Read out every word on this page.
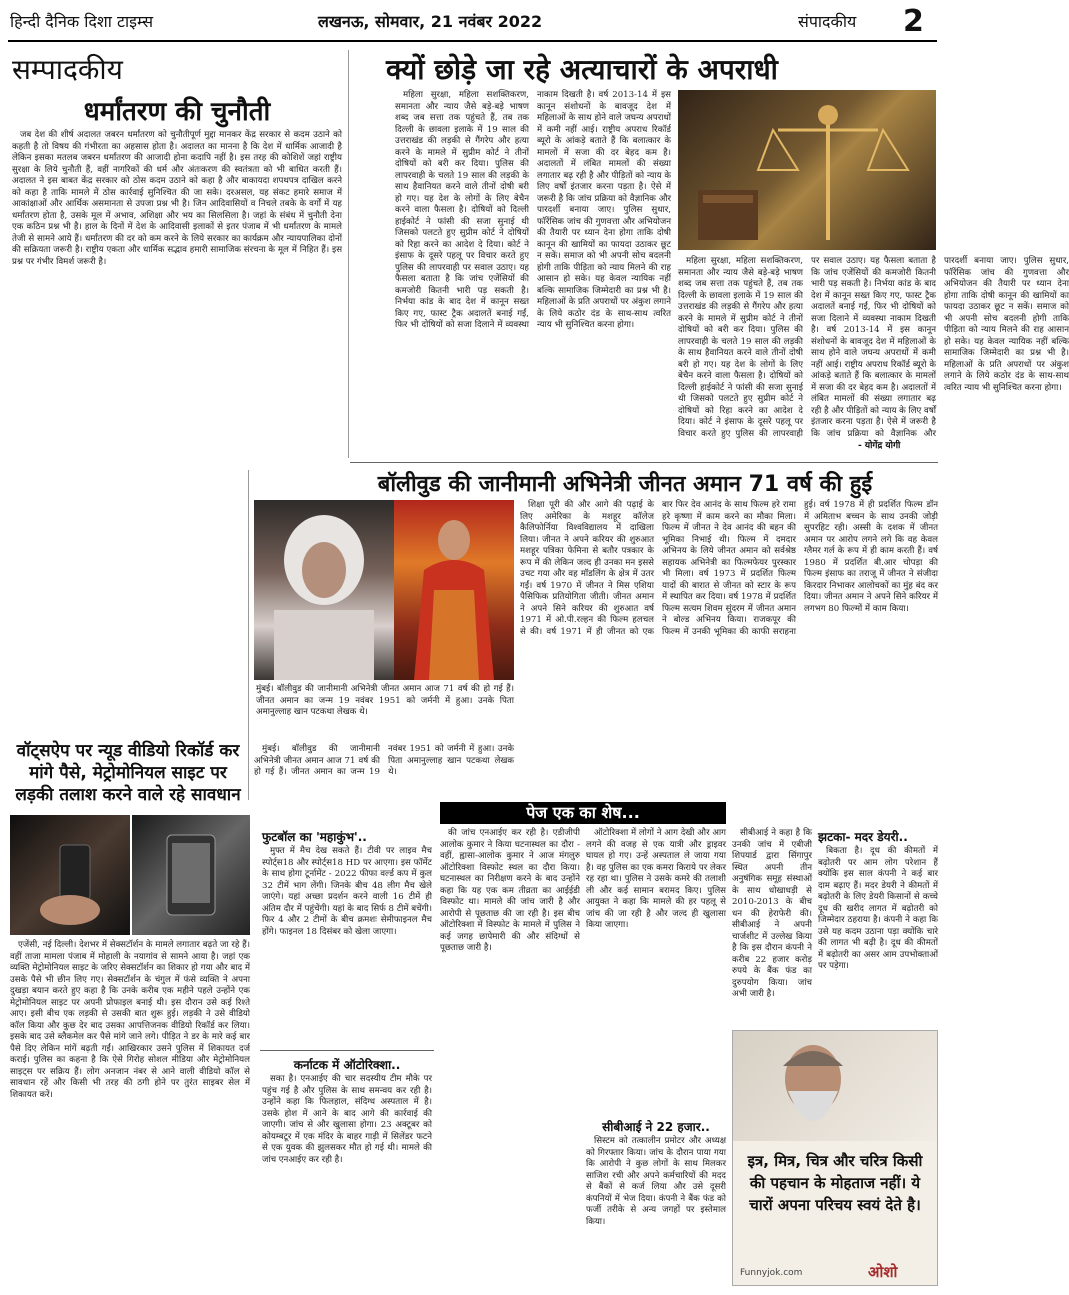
हिन्दी दैनिक दिशा टाइम्स	लखनऊ, सोमवार, 21 नवंबर 2022	संपादकीय 2
सम्पादकीय
धर्मांतरण की चुनौती

जब देश की शीर्ष अदालत जबरन धर्मांतरण को चुनौतीपूर्ण मुद्दा मानकर केंद्र सरकार से कदम उठाने को कहती है तो विषय की गंभीरता का अहसास होता है। अदालत का मानना है कि देश में धार्मिक आजादी है लेकिन इसका मतलब जबरन धर्मांतरण की आजादी होना कदापि नहीं है। इस तरह की कोशिशें जहां राष्ट्रीय सुरक्षा के लिये चुनौती हैं, वहीं नागरिकों की धर्म और अंतःकरण की स्वतंत्रता को भी बाधित करती हैं। अदालत ने इस बाबत केंद्र सरकार को ठोस कदम उठाने को कहा है और बाकायदा शपथपत्र दाखिल करने को कहा है ताकि मामले में ठोस कार्रवाई सुनिश्चित की जा सके। दरअसल, यह संकट हमारे समाज में आकांक्षाओं और आर्थिक असमानता से उपजा प्रश्न भी है। जिन आदिवासियों व निचले तबके के वर्गों में यह धर्मांतरण होता है, उसके मूल में अभाव, अशिक्षा और भय का सिलसिला है। जहां के संबंध में चुनौती देना एक कठिन प्रश्न भी है। हाल के दिनों में देश के आदिवासी इलाकों से इतर पंजाब में भी धर्मांतरण के मामले तेजी से सामने आये हैं। धर्मांतरण की दर को कम करने के लिये सरकार का कार्यक्रम और न्यायपालिका दोनों की सक्रियता जरूरी है। राष्ट्रीय एकता और धार्मिक सद्भाव हमारी सामाजिक संरचना के मूल में निहित हैं। इस प्रश्न पर गंभीर विमर्श जरूरी है।

क्यों छोड़े जा रहे अत्याचारों के अपराधी

महिला सुरक्षा, महिला सशक्तिकरण, समानता और न्याय जैसे बड़े-बड़े भाषण शब्द जब सत्ता तक पहुंचते हैं, तब तक दिल्ली के छावला इलाके में 19 साल की उत्तराखंड की लड़की से गैंगरेप और हत्या करने के मामले में सुप्रीम कोर्ट ने तीनों दोषियों को बरी कर दिया। पुलिस की लापरवाही के चलते 19 साल की लड़की के साथ हैवानियत करने वाले तीनों दोषी बरी हो गए। यह देश के लोगों के लिए बेचैन करने वाला फैसला है। दोषियों को दिल्ली हाईकोर्ट ने फांसी की सजा सुनाई थी जिसको पलटते हुए सुप्रीम कोर्ट ने दोषियों को रिहा करने का आदेश दे दिया। कोर्ट ने इंसाफ के दूसरे पहलू पर विचार करते हुए पुलिस की लापरवाही पर सवाल उठाए। यह फैसला बताता है कि जांच एजेंसियों की कमजोरी कितनी भारी पड़ सकती है। निर्भया कांड के बाद देश में कानून सख्त किए गए, फास्ट ट्रैक अदालतें बनाई गईं, फिर भी दोषियों को सजा दिलाने में व्यवस्था नाकाम दिखती है। वर्ष 2013-14 में इस कानून संशोधनों के बावजूद देश में महिलाओं के साथ होने वाले जघन्य अपराधों में कमी नहीं आई। राष्ट्रीय अपराध रिकॉर्ड ब्यूरो के आंकड़े बताते हैं कि बलात्कार के मामलों में सजा की दर बेहद कम है। अदालतों में लंबित मामलों की संख्या लगातार बढ़ रही है और पीड़ितों को न्याय के लिए वर्षों इंतजार करना पड़ता है। ऐसे में जरूरी है कि जांच प्रक्रिया को वैज्ञानिक और पारदर्शी बनाया जाए। पुलिस सुधार, फॉरेंसिक जांच की गुणवत्ता और अभियोजन की तैयारी पर ध्यान देना होगा ताकि दोषी कानून की खामियों का फायदा उठाकर छूट न सकें। समाज को भी अपनी सोच बदलनी होगी ताकि पीड़िता को न्याय मिलने की राह आसान हो सके। यह केवल न्यायिक नहीं बल्कि सामाजिक जिम्मेदारी का प्रश्न भी है। महिलाओं के प्रति अपराधों पर अंकुश लगाने के लिये कठोर दंड के साथ-साथ त्वरित न्याय भी सुनिश्चित करना होगा।

महिला सुरक्षा, महिला सशक्तिकरण, समानता और न्याय जैसे बड़े-बड़े भाषण शब्द जब सत्ता तक पहुंचते हैं, तब तक दिल्ली के छावला इलाके में 19 साल की उत्तराखंड की लड़की से गैंगरेप और हत्या करने के मामले में सुप्रीम कोर्ट ने तीनों दोषियों को बरी कर दिया। पुलिस की लापरवाही के चलते 19 साल की लड़की के साथ हैवानियत करने वाले तीनों दोषी बरी हो गए। यह देश के लोगों के लिए बेचैन करने वाला फैसला है। दोषियों को दिल्ली हाईकोर्ट ने फांसी की सजा सुनाई थी जिसको पलटते हुए सुप्रीम कोर्ट ने दोषियों को रिहा करने का आदेश दे दिया। कोर्ट ने इंसाफ के दूसरे पहलू पर विचार करते हुए पुलिस की लापरवाही पर सवाल उठाए। यह फैसला बताता है कि जांच एजेंसियों की कमजोरी कितनी भारी पड़ सकती है। निर्भया कांड के बाद देश में कानून सख्त किए गए, फास्ट ट्रैक अदालतें बनाई गईं, फिर भी दोषियों को सजा दिलाने में व्यवस्था नाकाम दिखती है। वर्ष 2013-14 में इस कानून संशोधनों के बावजूद देश में महिलाओं के साथ होने वाले जघन्य अपराधों में कमी नहीं आई। राष्ट्रीय अपराध रिकॉर्ड ब्यूरो के आंकड़े बताते हैं कि बलात्कार के मामलों में सजा की दर बेहद कम है। अदालतों में लंबित मामलों की संख्या लगातार बढ़ रही है और पीड़ितों को न्याय के लिए वर्षों इंतजार करना पड़ता है। ऐसे में जरूरी है कि जांच प्रक्रिया को वैज्ञानिक और पारदर्शी बनाया जाए। पुलिस सुधार, फॉरेंसिक जांच की गुणवत्ता और अभियोजन की तैयारी पर ध्यान देना होगा ताकि दोषी कानून की खामियों का फायदा उठाकर छूट न सकें। समाज को भी अपनी सोच बदलनी होगी ताकि पीड़िता को न्याय मिलने की राह आसान हो सके। यह केवल न्यायिक नहीं बल्कि सामाजिक जिम्मेदारी का प्रश्न भी है। महिलाओं के प्रति अपराधों पर अंकुश लगाने के लिये कठोर दंड के साथ-साथ त्वरित न्याय भी सुनिश्चित करना होगा।

- योगेंद्र योगी
बॉलीवुड की जानीमानी अभिनेत्री जीनत अमान 71 वर्ष की हुई
मुंबई। बॉलीवुड की जानीमानी अभिनेत्री जीनत अमान आज 71 वर्ष की हो गई हैं। जीनत अमान का जन्म 19 नवंबर 1951 को जर्मनी में हुआ। उनके पिता अमानुल्लाह खान पटकथा लेखक थे।

शिक्षा पूरी की और आगे की पढ़ाई के लिए अमेरिका के मशहूर कॉलेज कैलिफोर्निया विश्वविद्यालय में दाखिला लिया। जीनत ने अपने करियर की शुरुआत मशहूर पत्रिका फेमिना से बतौर पत्रकार के रूप में की लेकिन जल्द ही उनका मन इससे उचट गया और वह मॉडलिंग के क्षेत्र में उतर गईं। वर्ष 1970 में जीनत ने मिस एशिया पैसिफिक प्रतियोगिता जीती। जीनत अमान ने अपने सिने करियर की शुरुआत वर्ष 1971 में ओ.पी.रल्हन की फिल्म हलचल से की। वर्ष 1971 में ही जीनत को एक बार फिर देव आनंद के साथ फिल्म हरे रामा हरे कृष्णा में काम करने का मौका मिला। फिल्म में जीनत ने देव आनंद की बहन की भूमिका निभाई थी। फिल्म में दमदार अभिनय के लिये जीनत अमान को सर्वश्रेष्ठ सहायक अभिनेत्री का फिल्मफेयर पुरस्कार भी मिला। वर्ष 1973 में प्रदर्शित फिल्म यादों की बारात से जीनत को स्टार के रूप में स्थापित कर दिया। वर्ष 1978 में प्रदर्शित फिल्म सत्यम शिवम सुंदरम में जीनत अमान ने बोल्ड अभिनय किया। राजकपूर की फिल्म में उनकी भूमिका की काफी सराहना हुई। वर्ष 1978 में ही प्रदर्शित फिल्म डॉन में अमिताभ बच्चन के साथ उनकी जोड़ी सुपरहिट रही। अस्सी के दशक में जीनत अमान पर आरोप लगने लगे कि वह केवल ग्लैमर गर्ल के रूप में ही काम करती हैं। वर्ष 1980 में प्रदर्शित बी.आर चोपड़ा की फिल्म इंसाफ का तराजू में जीनत ने संजीदा किरदार निभाकर आलोचकों का मुंह बंद कर दिया। जीनत अमान ने अपने सिने करियर में लगभग 80 फिल्मों में काम किया।

मुंबई। बॉलीवुड की जानीमानी अभिनेत्री जीनत अमान आज 71 वर्ष की हो गई हैं। जीनत अमान का जन्म 19 नवंबर 1951 को जर्मनी में हुआ। उनके पिता अमानुल्लाह खान पटकथा लेखक थे।

वॉट्सऐप पर न्यूड वीडियो रिकॉर्ड कर मांगे पैसे, मेट्रोमोनियल साइट पर लड़की तलाश करने वाले रहे सावधान

एजेंसी, नई दिल्ली। देशभर में सेक्सटॉर्शन के मामले लगातार बढ़ते जा रहे हैं। वहीं ताजा मामला पंजाब में मोहाली के नयागांव से सामने आया है। जहां एक व्यक्ति मेट्रोमोनियल साइट के जरिए सेक्सटॉर्शन का शिकार हो गया और बाद में उसके पैसे भी छीन लिए गए। सेक्सटॉर्शन के चंगुल में फंसे व्यक्ति ने अपना दुखड़ा बयान करते हुए कहा है कि उनके करीब एक महीने पहले उन्होंने एक मेट्रोमोनियल साइट पर अपनी प्रोफाइल बनाई थी। इस दौरान उसे कई रिश्ते आए। इसी बीच एक लड़की से उसकी बात शुरू हुई। लड़की ने उसे वीडियो कॉल किया और कुछ देर बाद उसका आपत्तिजनक वीडियो रिकॉर्ड कर लिया। इसके बाद उसे ब्लैकमेल कर पैसे मांगे जाने लगे। पीड़ित ने डर के मारे कई बार पैसे दिए लेकिन मांगें बढ़ती गईं। आखिरकार उसने पुलिस में शिकायत दर्ज कराई। पुलिस का कहना है कि ऐसे गिरोह सोशल मीडिया और मेट्रोमोनियल साइट्स पर सक्रिय हैं। लोग अनजान नंबर से आने वाली वीडियो कॉल से सावधान रहें और किसी भी तरह की ठगी होने पर तुरंत साइबर सेल में शिकायत करें।

फुटबॉल का 'महाकुंभ'..

मुफ्त में मैच देख सकते हैं। टीवी पर लाइव मैच स्पोर्ट्स18 और स्पोर्ट्स18 HD पर आएगा। इस फॉर्मेट के साथ होगा टूर्नामेंट - 2022 फीफा वर्ल्ड कप में कुल 32 टीमें भाग लेंगी। जिनके बीच 48 लीग मैच खेले जाएंगे। यहां अच्छा प्रदर्शन करने वाली 16 टीमें ही अंतिम दौर में पहुंचेंगी। यहां के बाद सिर्फ 8 टीमें बचेंगी। फिर 4 और 2 टीमों के बीच क्रमशः सेमीफाइनल मैच होंगे। फाइनल 18 दिसंबर को खेला जाएगा।

कर्नाटक में ऑटोरिक्शा..

सका है। एनआईए की चार सदस्यीय टीम मौके पर पहुंच गई है और पुलिस के साथ समन्वय कर रही है। उन्होंने कहा कि फिलहाल, संदिग्ध अस्पताल में है। उसके होश में आने के बाद आगे की कार्रवाई की जाएगी। जांच से और खुलासा होगा। 23 अक्टूबर को कोयम्बटूर में एक मंदिर के बाहर गाड़ी में सिलेंडर फटने से एक युवक की झुलसकर मौत हो गई थी। मामले की जांच एनआईए कर रही है।

पेज एक का शेष...

की जांच एनआईए कर रही है। एडीजीपी आलोक कुमार ने किया घटनास्थल का दौरा - वहीं, ह्वासा-आलोक कुमार ने आज मंगलुरु ऑटोरिक्शा विस्फोट स्थल का दौरा किया। घटनास्थल का निरीक्षण करने के बाद उन्होंने कहा कि यह एक कम तीव्रता का आईईडी विस्फोट था। मामले की जांच जारी है और आरोपी से पूछताछ की जा रही है। इस बीच ऑटोरिक्शा में विस्फोट के मामले में पुलिस ने कई जगह छापेमारी की और संदिग्धों से पूछताछ जारी है।

ऑटोरिक्शा में लोगों ने आग देखी और आग लगने की वजह से एक यात्री और ड्राइवर घायल हो गए। उन्हें अस्पताल ले जाया गया है। वह पुलिस का एक कमरा किराये पर लेकर रह रहा था। पुलिस ने उसके कमरे की तलाशी ली और कई सामान बरामद किए। पुलिस आयुक्त ने कहा कि मामले की हर पहलू से जांच की जा रही है और जल्द ही खुलासा किया जाएगा।

सीबीआई ने 22 हजार..

सिस्टम को तत्कालीन प्रमोटर और अध्यक्ष को गिरफ्तार किया। जांच के दौरान पाया गया कि आरोपी ने कुछ लोगों के साथ मिलकर साजिश रची और अपने कर्मचारियों की मदद से बैंकों से कर्ज लिया और उसे दूसरी कंपनियों में भेज दिया। कंपनी ने बैंक फंड को फर्जी तरीके से अन्य जगहों पर इस्तेमाल किया।

सीबीआई ने कहा है कि उनकी जांच में एबीजी शिपयार्ड द्वारा सिंगापुर स्थित अपनी तीन अनुषंगिक समूह संस्थाओं के साथ धोखाधड़ी से 2010-2013 के बीच धन की हेराफेरी की। सीबीआई ने अपनी चार्जशीट में उल्लेख किया है कि इस दौरान कंपनी ने करीब 22 हजार करोड़ रुपये के बैंक फंड का दुरुपयोग किया। जांच अभी जारी है।

झटका- मदर डेयरी..

बिकता है। दूध की कीमतों में बढ़ोतरी पर आम लोग परेशान हैं क्योंकि इस साल कंपनी ने कई बार दाम बढ़ाए हैं। मदर डेयरी ने कीमतों में बढ़ोतरी के लिए डेयरी किसानों से कच्चे दूध की खरीद लागत में बढ़ोतरी को जिम्मेदार ठहराया है। कंपनी ने कहा कि उसे यह कदम उठाना पड़ा क्योंकि चारे की लागत भी बढ़ी है। दूध की कीमतों में बढ़ोतरी का असर आम उपभोक्ताओं पर पड़ेगा।

इत्र, मित्र, चित्र और चरित्र किसी की पहचान के मोहताज नहीं। ये चारों अपना परिचय स्वयं देते है।
ओशो
Funnyjok.com
